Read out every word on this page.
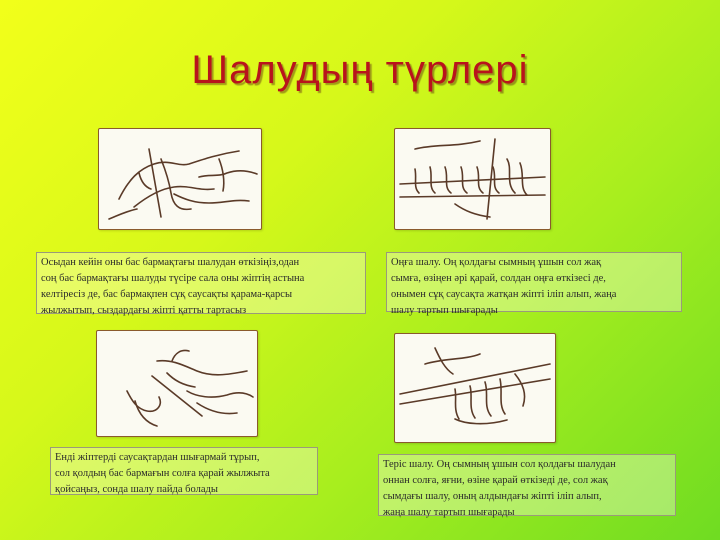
Шалудың түрлері
Осыдан кейін оны бас бармақтағы шалудан өткізіңіз,одан
соң бас бармақтағы шалуды түсіре сала оны жіптің астына
келтіресіз де, бас бармақпен сұқ саусақты қарама-қарсы
жылжытып, сыздардағы жіпті қатты тартасыз
Оңға шалу. Оң қолдағы сымның ұшын сол жақ
сымға, өзіңен әрі қарай, солдан оңға өткізесі де,
онымен сұқ саусақта жатқан жіпті іліп алып, жаңа
шалу тартып шығарады
Енді жіптерді саусақтардан шығармай тұрып,
сол қолдың бас бармағын солға қарай жылжыта
қойсаңыз, сонда шалу пайда болады
Терiс шалу. Оң сымның ұшын сол қолдағы шалудан
оннан солға, яғни, өзіне қарай өткізеді де, сол жақ
сымдағы шалу, оның алдындағы жіпті іліп алып,
жаңа шалу тартып шығарады
